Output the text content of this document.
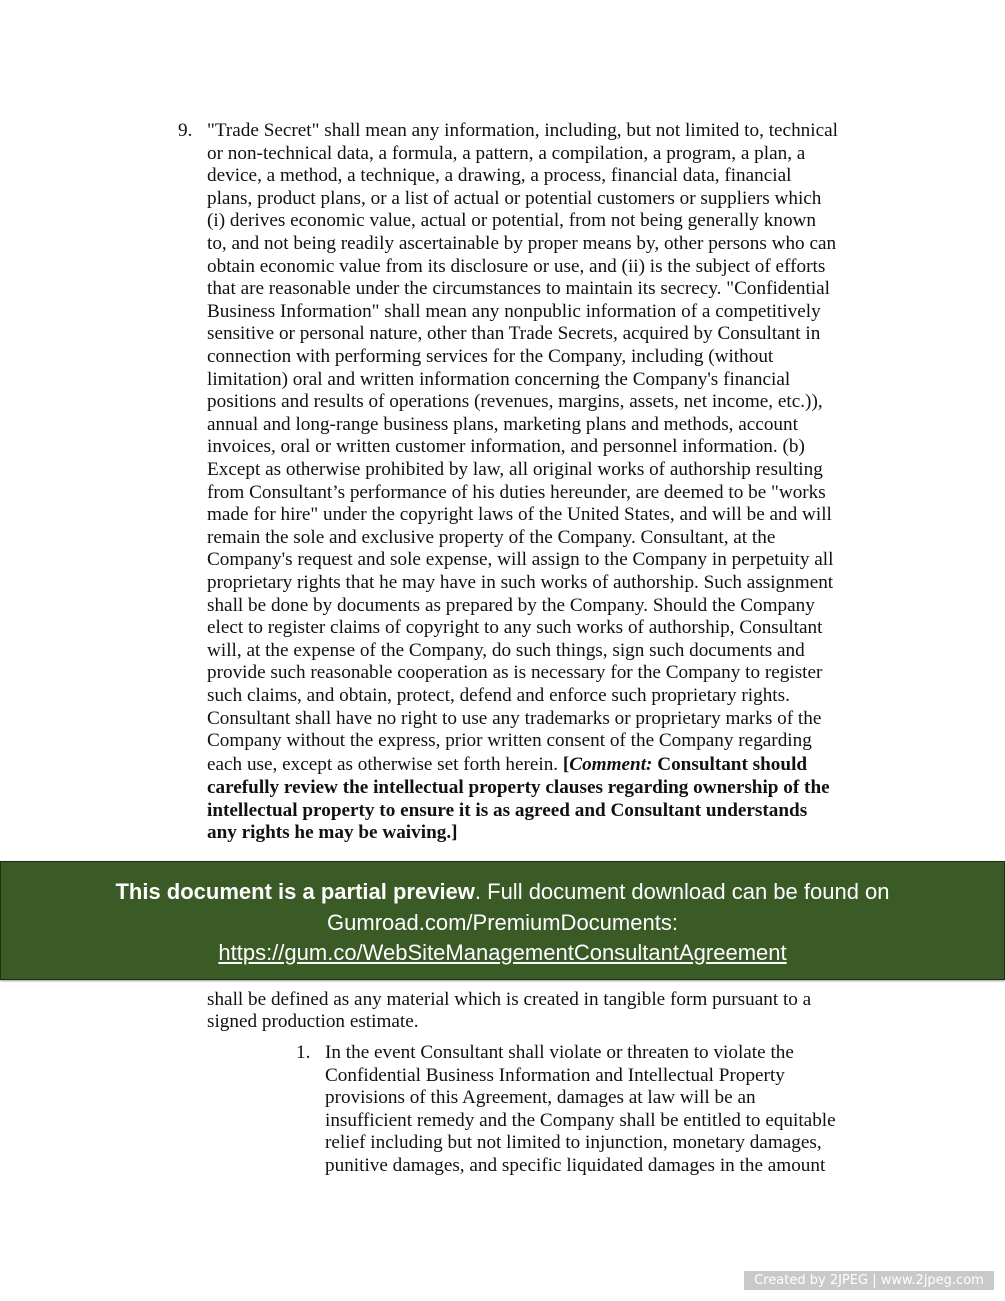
9. "Trade Secret" shall mean any information, including, but not limited to, technical
or non-technical data, a formula, a pattern, a compilation, a program, a plan, a
device, a method, a technique, a drawing, a process, financial data, financial
plans, product plans, or a list of actual or potential customers or suppliers which
(i) derives economic value, actual or potential, from not being generally known
to, and not being readily ascertainable by proper means by, other persons who can
obtain economic value from its disclosure or use, and (ii) is the subject of efforts
that are reasonable under the circumstances to maintain its secrecy. "Confidential
Business Information" shall mean any nonpublic information of a competitively
sensitive or personal nature, other than Trade Secrets, acquired by Consultant in
connection with performing services for the Company, including (without
limitation) oral and written information concerning the Company's financial
positions and results of operations (revenues, margins, assets, net income, etc.)),
annual and long-range business plans, marketing plans and methods, account
invoices, oral or written customer information, and personnel information. (b)
Except as otherwise prohibited by law, all original works of authorship resulting
from Consultant’s performance of his duties hereunder, are deemed to be "works
made for hire" under the copyright laws of the United States, and will be and will
remain the sole and exclusive property of the Company. Consultant, at the
Company's request and sole expense, will assign to the Company in perpetuity all
proprietary rights that he may have in such works of authorship. Such assignment
shall be done by documents as prepared by the Company. Should the Company
elect to register claims of copyright to any such works of authorship, Consultant
will, at the expense of the Company, do such things, sign such documents and
provide such reasonable cooperation as is necessary for the Company to register
such claims, and obtain, protect, defend and enforce such proprietary rights.
Consultant shall have no right to use any trademarks or proprietary marks of the
Company without the express, prior written consent of the Company regarding
each use, except as otherwise set forth herein. [Comment: Consultant should
carefully review the intellectual property clauses regarding ownership of the
intellectual property to ensure it is as agreed and Consultant understands
any rights he may be waiving.]
shall be defined as any material which is created in tangible form pursuant to a
signed production estimate.
1. In the event Consultant shall violate or threaten to violate the
Confidential Business Information and Intellectual Property
provisions of this Agreement, damages at law will be an
insufficient remedy and the Company shall be entitled to equitable
relief including but not limited to injunction, monetary damages,
punitive damages, and specific liquidated damages in the amount
This document is a partial preview. Full document download can be found on
Gumroad.com/PremiumDocuments:
https://gum.co/WebSiteManagementConsultantAgreement
Created by 2JPEG | www.2jpeg.com
